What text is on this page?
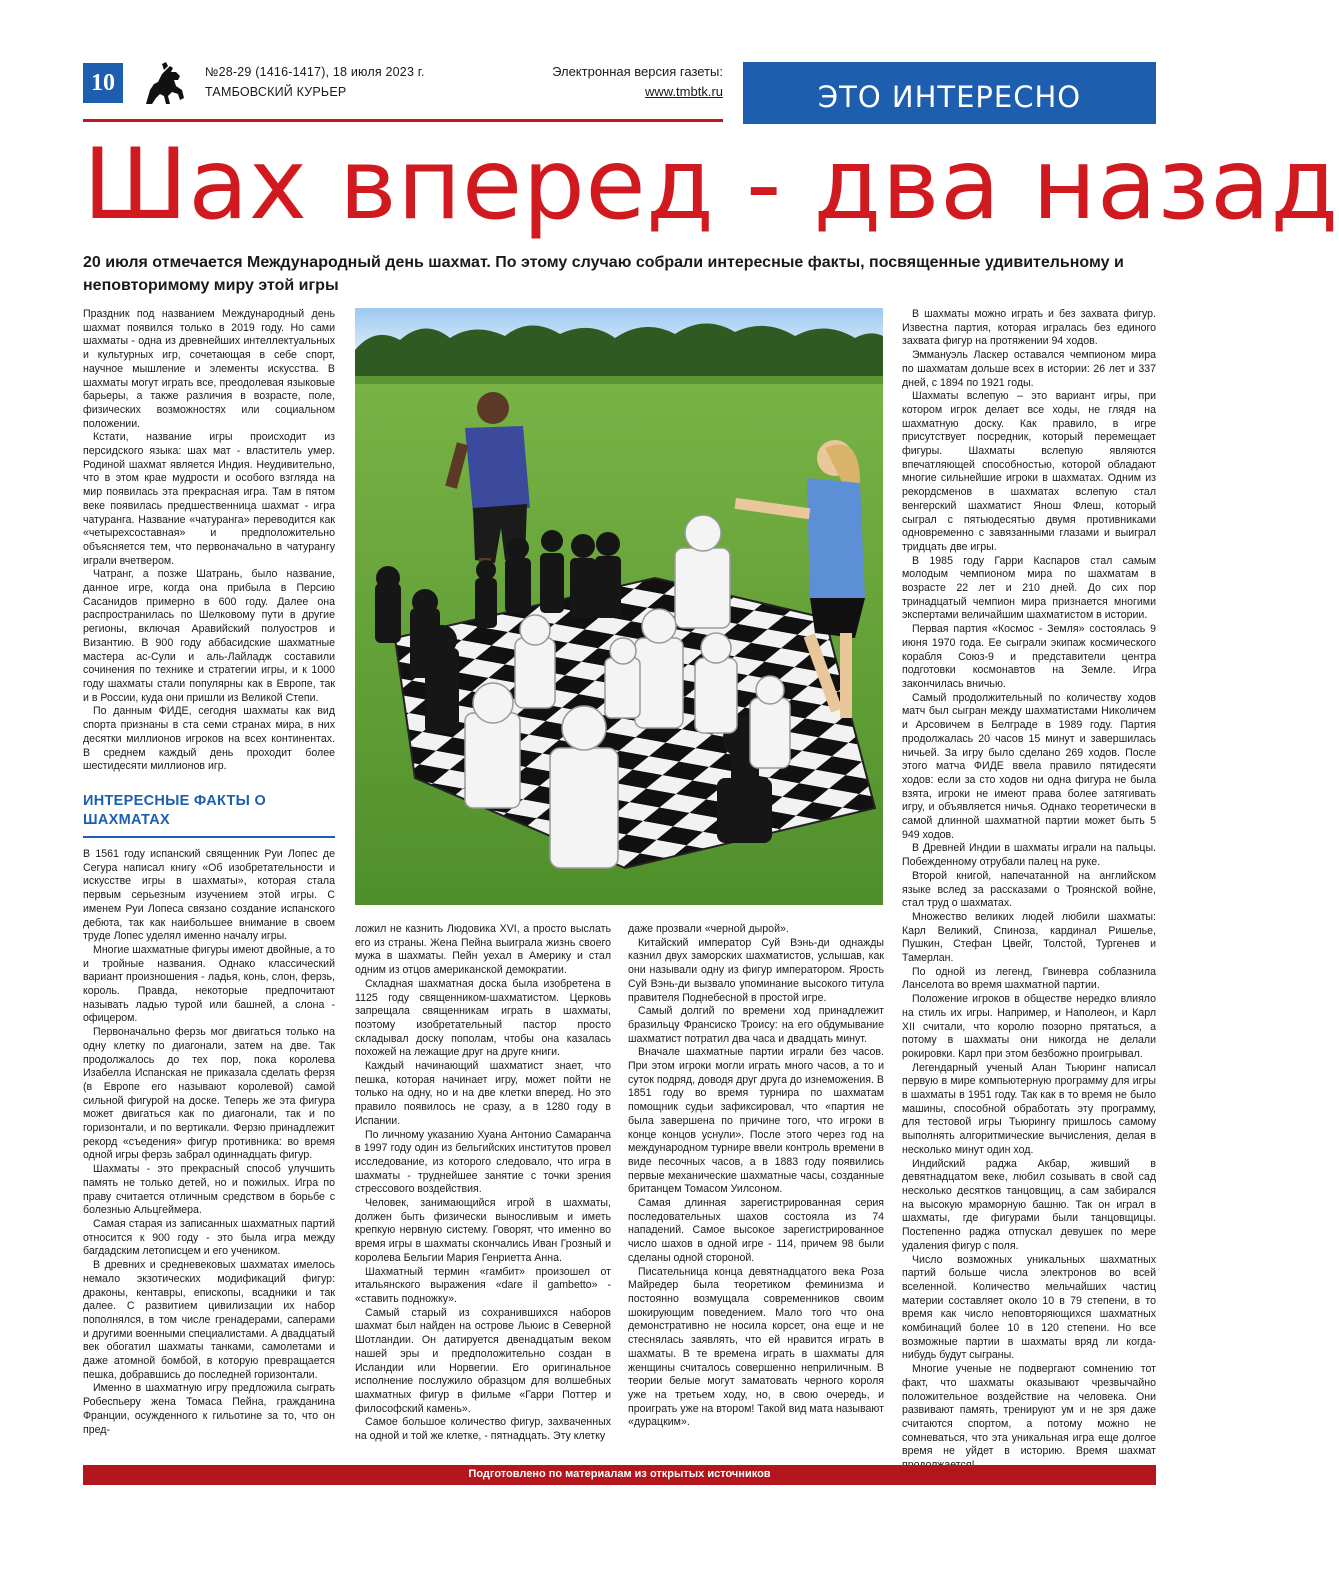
10	№28-29 (1416-1417), 18 июля 2023 г.
ТАМБОВСКИЙ КУРЬЕР
Электронная версия газеты:
www.tmbtk.ru	ЭТО ИНТЕРЕСНО
Шах вперед - два назад
20 июля отмечается Международный день шахмат. По этому случаю собрали интересные факты, посвященные удивительному и неповторимому миру этой игры

Праздник под названием Международный день шахмат появился только в 2019 году. Но сами шахматы - одна из древнейших интеллектуальных и культурных игр, сочетающая в себе спорт, научное мышление и элементы искусства. В шахматы могут играть все, преодолевая языковые барьеры, а также различия в возрасте, поле, физических возможностях или социальном положении.

Кстати, название игры происходит из персидского языка: шах мат - властитель умер. Родиной шахмат является Индия. Неудивительно, что в этом крае мудрости и особого взгляда на мир появилась эта прекрасная игра. Там в пятом веке появилась предшественница шахмат - игра чатуранга. Название «чатуранга» переводится как «четырехсоставная» и предположительно объясняется тем, что первоначально в чатурангу играли вчетвером.

Чатранг, а позже Шатрань, было название, данное игре, когда она прибыла в Персию Сасанидов примерно в 600 году. Далее она распространилась по Шелковому пути в другие регионы, включая Аравийский полуостров и Византию. В 900 году аббасидские шахматные мастера ас-Сули и аль-Лайладж составили сочинения по технике и стратегии игры, и к 1000 году шахматы стали популярны как в Европе, так и в России, куда они пришли из Великой Степи.

По данным ФИДЕ, сегодня шахматы как вид спорта признаны в ста семи странах мира, в них десятки миллионов игроков на всех континентах. В среднем каждый день проходит более шестидесяти миллионов игр.

ИНТЕРЕСНЫЕ ФАКТЫ О ШАХМАТАХ

В 1561 году испанский священник Руи Лопес де Сегура написал книгу «Об изобретательности и искусстве игры в шахматы», которая стала первым серьезным изучением этой игры. С именем Руи Лопеса связано создание испанского дебюта, так как наибольшее внимание в своем труде Лопес уделял именно началу игры.

Многие шахматные фигуры имеют двойные, а то и тройные названия. Однако классический вариант произношения - ладья, конь, слон, ферзь, король. Правда, некоторые предпочитают называть ладью турой или башней, а слона - офицером.

Первоначально ферзь мог двигаться только на одну клетку по диагонали, затем на две. Так продолжалось до тех пор, пока королева Изабелла Испанская не приказала сделать ферзя (в Европе его называют королевой) самой сильной фигурой на доске. Теперь же эта фигура может двигаться как по диагонали, так и по горизонтали, и по вертикали. Ферзю принадлежит рекорд «съедения» фигур противника: во время одной игры ферзь забрал одиннадцать фигур.

Шахматы - это прекрасный способ улучшить память не только детей, но и пожилых. Игра по праву считается отличным средством в борьбе с болезнью Альцгеймера.

Самая старая из записанных шахматных партий относится к 900 году - это была игра между багдадским летописцем и его учеником.

В древних и средневековых шахматах имелось немало экзотических модификаций фигур: драконы, кентавры, епископы, всадники и так далее. С развитием цивилизации их набор пополнялся, в том числе гренадерами, саперами и другими военными специалистами. А двадцатый век обогатил шахматы танками, самолетами и даже атомной бомбой, в которую превращается пешка, добравшись до последней горизонтали.

Именно в шахматную игру предложила сыграть Робеспьеру жена Томаса Пейна, гражданина Франции, осужденного к гильотине за то, что он пред-

ложил не казнить Людовика XVI, а просто выслать его из страны. Жена Пейна выиграла жизнь своего мужа в шахматы. Пейн уехал в Америку и стал одним из отцов американской демократии.

Складная шахматная доска была изобретена в 1125 году священником-шахматистом. Церковь запрещала священникам играть в шахматы, поэтому изобретательный пастор просто складывал доску пополам, чтобы она казалась похожей на лежащие друг на друге книги.

Каждый начинающий шахматист знает, что пешка, которая начинает игру, может пойти не только на одну, но и на две клетки вперед. Но это правило появилось не сразу, а в 1280 году в Испании.

По личному указанию Хуана Антонио Самаранча в 1997 году один из бельгийских институтов провел исследование, из которого следовало, что игра в шахматы - труднейшее занятие с точки зрения стрессового воздействия.

Человек, занимающийся игрой в шахматы, должен быть физически выносливым и иметь крепкую нервную систему. Говорят, что именно во время игры в шахматы скончались Иван Грозный и королева Бельгии Мария Генриетта Анна.

Шахматный термин «гамбит» произошел от итальянского выражения «dare il gambetto» - «ставить подножку».

Самый старый из сохранившихся наборов шахмат был найден на острове Льюис в Северной Шотландии. Он датируется двенадцатым веком нашей эры и предположительно создан в Исландии или Норвегии. Его оригинальное исполнение послужило образцом для волшебных шахматных фигур в фильме «Гарри Поттер и философский камень».

Самое большое количество фигур, захваченных на одной и той же клетке, - пятнадцать. Эту клетку

даже прозвали «черной дырой».

Китайский император Суй Вэнь-ди однажды казнил двух заморских шахматистов, услышав, как они называли одну из фигур императором. Ярость Суй Вэнь-ди вызвало упоминание высокого титула правителя Поднебесной в простой игре.

Самый долгий по времени ход принадлежит бразильцу Франсиско Троису: на его обдумывание шахматист потратил два часа и двадцать минут.

Вначале шахматные партии играли без часов. При этом игроки могли играть много часов, а то и суток подряд, доводя друг друга до изнеможения. В 1851 году во время турнира по шахматам помощник судьи зафиксировал, что «партия не была завершена по причине того, что игроки в конце концов уснули». После этого через год на международном турнире ввели контроль времени в виде песочных часов, а в 1883 году появились первые механические шахматные часы, созданные британцем Томасом Уилсоном.

Самая длинная зарегистрированная серия последовательных шахов состояла из 74 нападений. Самое высокое зарегистрированное число шахов в одной игре - 114, причем 98 были сделаны одной стороной.

Писательница конца девятнадцатого века Роза Майредер была теоретиком феминизма и постоянно возмущала современников своим шокирующим поведением. Мало того что она демонстративно не носила корсет, она еще и не стеснялась заявлять, что ей нравится играть в шахматы. В те времена играть в шахматы для женщины считалось совершенно неприличным. В теории белые могут заматовать черного короля уже на третьем ходу, но, в свою очередь, и проиграть уже на втором! Такой вид мата называют «дурацким».

В шахматы можно играть и без захвата фигур. Известна партия, которая игралась без единого захвата фигур на протяжении 94 ходов.

Эммануэль Ласкер оставался чемпионом мира по шахматам дольше всех в истории: 26 лет и 337 дней, с 1894 по 1921 годы.

Шахматы вслепую – это вариант игры, при котором игрок делает все ходы, не глядя на шахматную доску. Как правило, в игре присутствует посредник, который перемещает фигуры. Шахматы вслепую являются впечатляющей способностью, которой обладают многие сильнейшие игроки в шахматах. Одним из рекордсменов в шахматах вслепую стал венгерский шахматист Янош Флеш, который сыграл с пятьюдесятью двумя противниками одновременно с завязанными глазами и выиграл тридцать две игры.

В 1985 году Гарри Каспаров стал самым молодым чемпионом мира по шахматам в возрасте 22 лет и 210 дней. До сих пор тринадцатый чемпион мира признается многими экспертами величайшим шахматистом в истории.

Первая партия «Космос - Земля» состоялась 9 июня 1970 года. Ее сыграли экипаж космического корабля Союз-9 и представители центра подготовки космонавтов на Земле. Игра закончилась вничью.

Самый продолжительный по количеству ходов матч был сыгран между шахматистами Николичем и Арсовичем в Белграде в 1989 году. Партия продолжалась 20 часов 15 минут и завершилась ничьей. За игру было сделано 269 ходов. После этого матча ФИДЕ ввела правило пятидесяти ходов: если за сто ходов ни одна фигура не была взята, игроки не имеют права более затягивать игру, и объявляется ничья. Однако теоретически в самой длинной шахматной партии может быть 5 949 ходов.

В Древней Индии в шахматы играли на пальцы. Побежденному отрубали палец на руке.

Второй книгой, напечатанной на английском языке вслед за рассказами о Троянской войне, стал труд о шахматах.

Множество великих людей любили шахматы: Карл Великий, Спиноза, кардинал Ришелье, Пушкин, Стефан Цвейг, Толстой, Тургенев и Тамерлан.

По одной из легенд, Гвиневра соблазнила Ланселота во время шахматной партии.

Положение игроков в обществе нередко влияло на стиль их игры. Например, и Наполеон, и Карл XII считали, что королю позорно прятаться, а потому в шахматы они никогда не делали рокировки. Карл при этом безбожно проигрывал.

Легендарный ученый Алан Тьюринг написал первую в мире компьютерную программу для игры в шахматы в 1951 году. Так как в то время не было машины, способной обработать эту программу, для тестовой игры Тьюрингу пришлось самому выполнять алгоритмические вычисления, делая в несколько минут один ход.

Индийский раджа Акбар, живший в девятнадцатом веке, любил созывать в свой сад несколько десятков танцовщиц, а сам забирался на высокую мраморную башню. Так он играл в шахматы, где фигурами были танцовщицы. Постепенно раджа отпускал девушек по мере удаления фигур с поля.

Число возможных уникальных шахматных партий больше числа электронов во всей вселенной. Количество мельчайших частиц материи составляет около 10 в 79 степени, в то время как число неповторяющихся шахматных комбинаций более 10 в 120 степени. Но все возможные партии в шахматы вряд ли когда-нибудь будут сыграны.

Многие ученые не подвергают сомнению тот факт, что шахматы оказывают чрезвычайно положительное воздействие на человека. Они развивают память, тренируют ум и не зря даже считаются спортом, а потому можно не сомневаться, что эта уникальная игра еще долгое время не уйдет в историю. Время шахмат

Подготовлено по материалам из открытых источников
